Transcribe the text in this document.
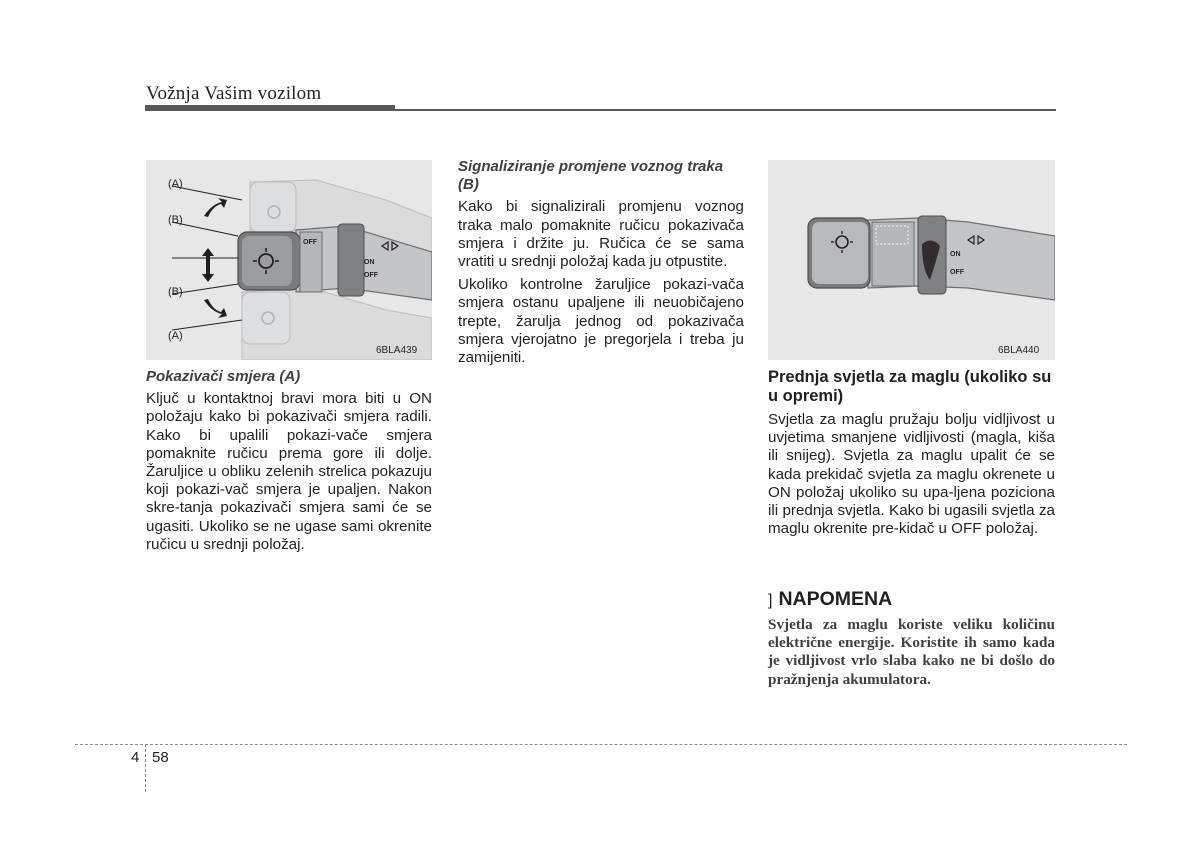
Vožnja Vašim vozilom
OFF
ON
OFF
(A)
(B)
(B)
(A)
6BLA439
Pokazivači smjera (A)
Ključ u kontaktnoj bravi mora biti u ON položaju kako bi pokazivači smjera radili. Kako bi upalili pokazi-vače smjera pomaknite ručicu prema gore ili dolje. Žaruljice u obliku zelenih strelica pokazuju koji pokazi-vač smjera je upaljen. Nakon skre-tanja pokazivači smjera sami će se ugasiti. Ukoliko se ne ugase sami okrenite ručicu u srednji položaj.
Signaliziranje promjene voznog traka (B)
Kako bi signalizirali promjenu voznog traka malo pomaknite ručicu pokazivača smjera i držite ju. Ručica će se sama vratiti u srednji položaj kada ju otpustite.
Ukoliko kontrolne žaruljice pokazi-vača smjera ostanu upaljene ili neuobičajeno trepte, žarulja jednog od pokazivača smjera vjerojatno je pregorjela i treba ju zamijeniti.
ON
OFF
6BLA440
Prednja svjetla za maglu (ukoliko su u opremi)
Svjetla za maglu pružaju bolju vidljivost u uvjetima smanjene vidljivosti (magla, kiša ili snijeg). Svjetla za maglu upalit će se kada prekidač svjetla za maglu okrenete u ON položaj ukoliko su upa-ljena poziciona ili prednja svjetla. Kako bi ugasili svjetla za maglu okrenite pre-kidač u OFF položaj.
] NAPOMENA
Svjetla za maglu koriste veliku količinu električne energije. Koristite ih samo kada je vidljivost vrlo slaba kako ne bi došlo do pražnjenja akumulatora.
4 58
